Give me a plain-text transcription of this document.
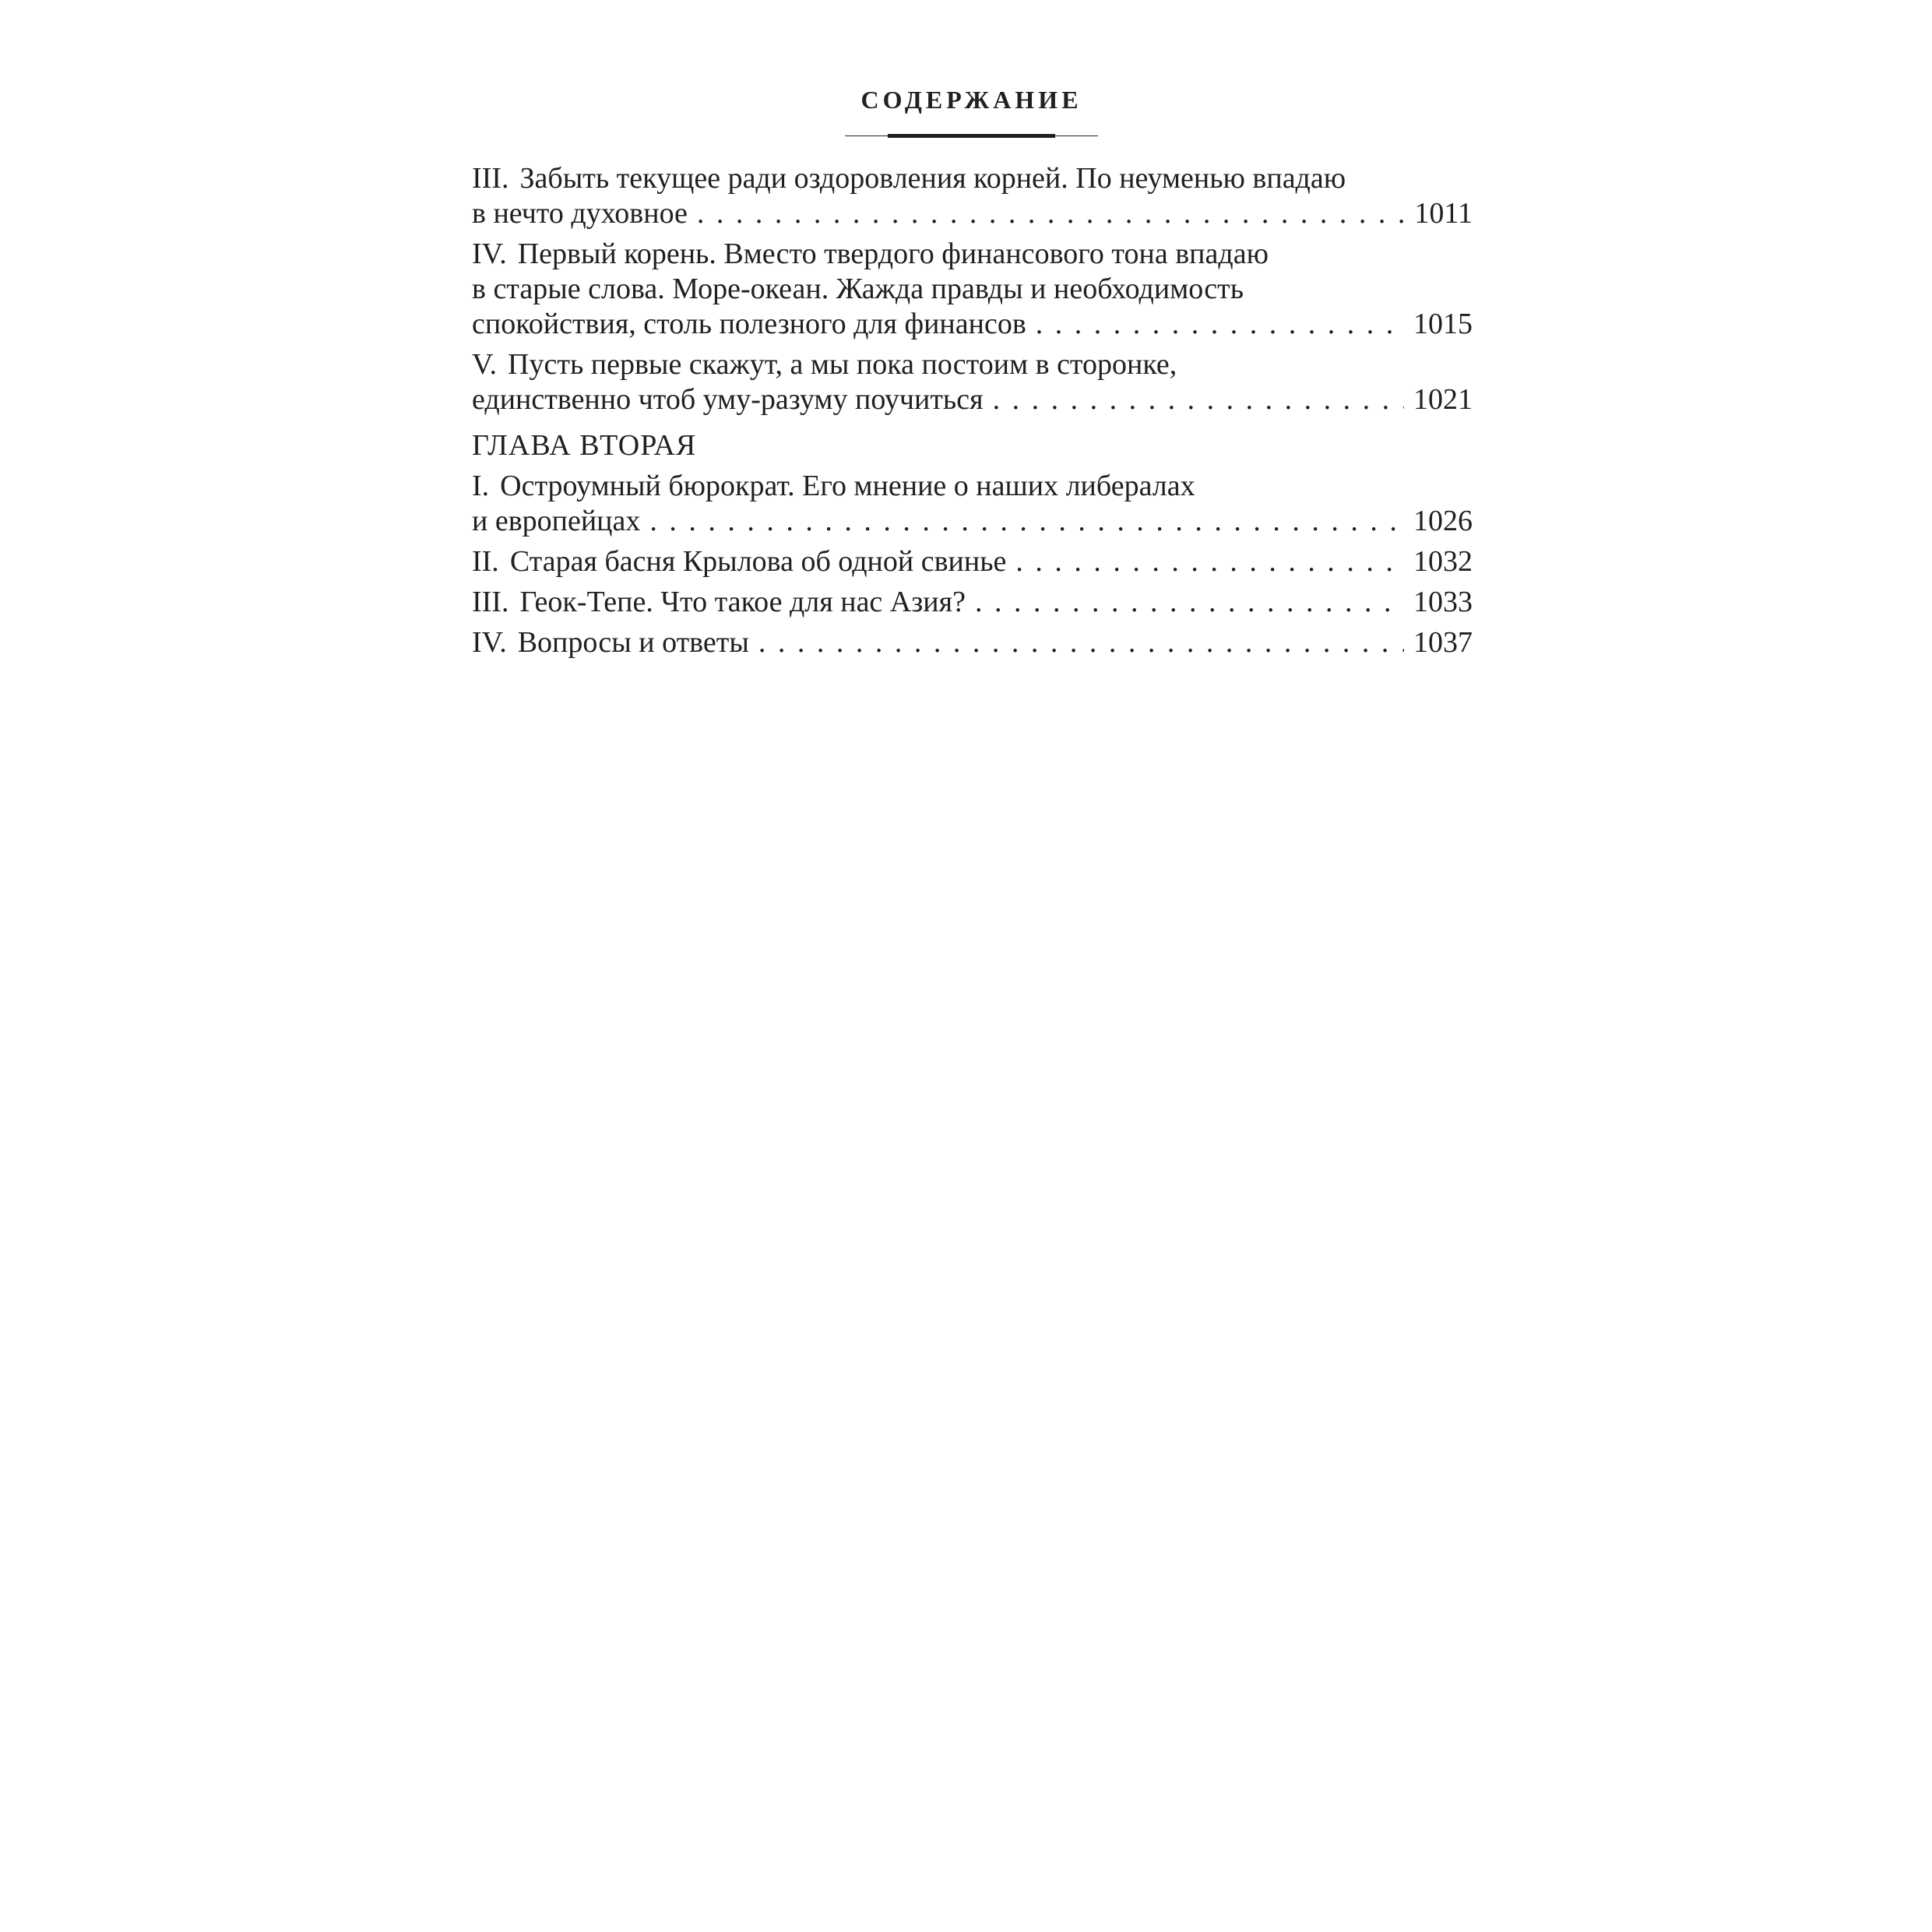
СОДЕРЖАНИЕ
III. Забыть текущее ради оздоровления корней. По неуменью впадаю
в нечто духовное . . .	1011
IV. Первый корень. Вместо твердого финансового тона впадаю
в старые слова. Море-океан. Жажда правды и необходимость
спокойствия, столь полезного для финансов . . .	1015
V. Пусть первые скажут, а мы пока постоим в сторонке,
единственно чтоб уму-разуму поучиться . . .	1021
ГЛАВА ВТОРАЯ
I. Остроумный бюрократ. Его мнение о наших либералах
и европейцах . . .	1026
II. Старая басня Крылова об одной свинье . . .	1032
III. Геок-Тепе. Что такое для нас Азия? . . .	1033
IV. Вопросы и ответы . . .	1037
